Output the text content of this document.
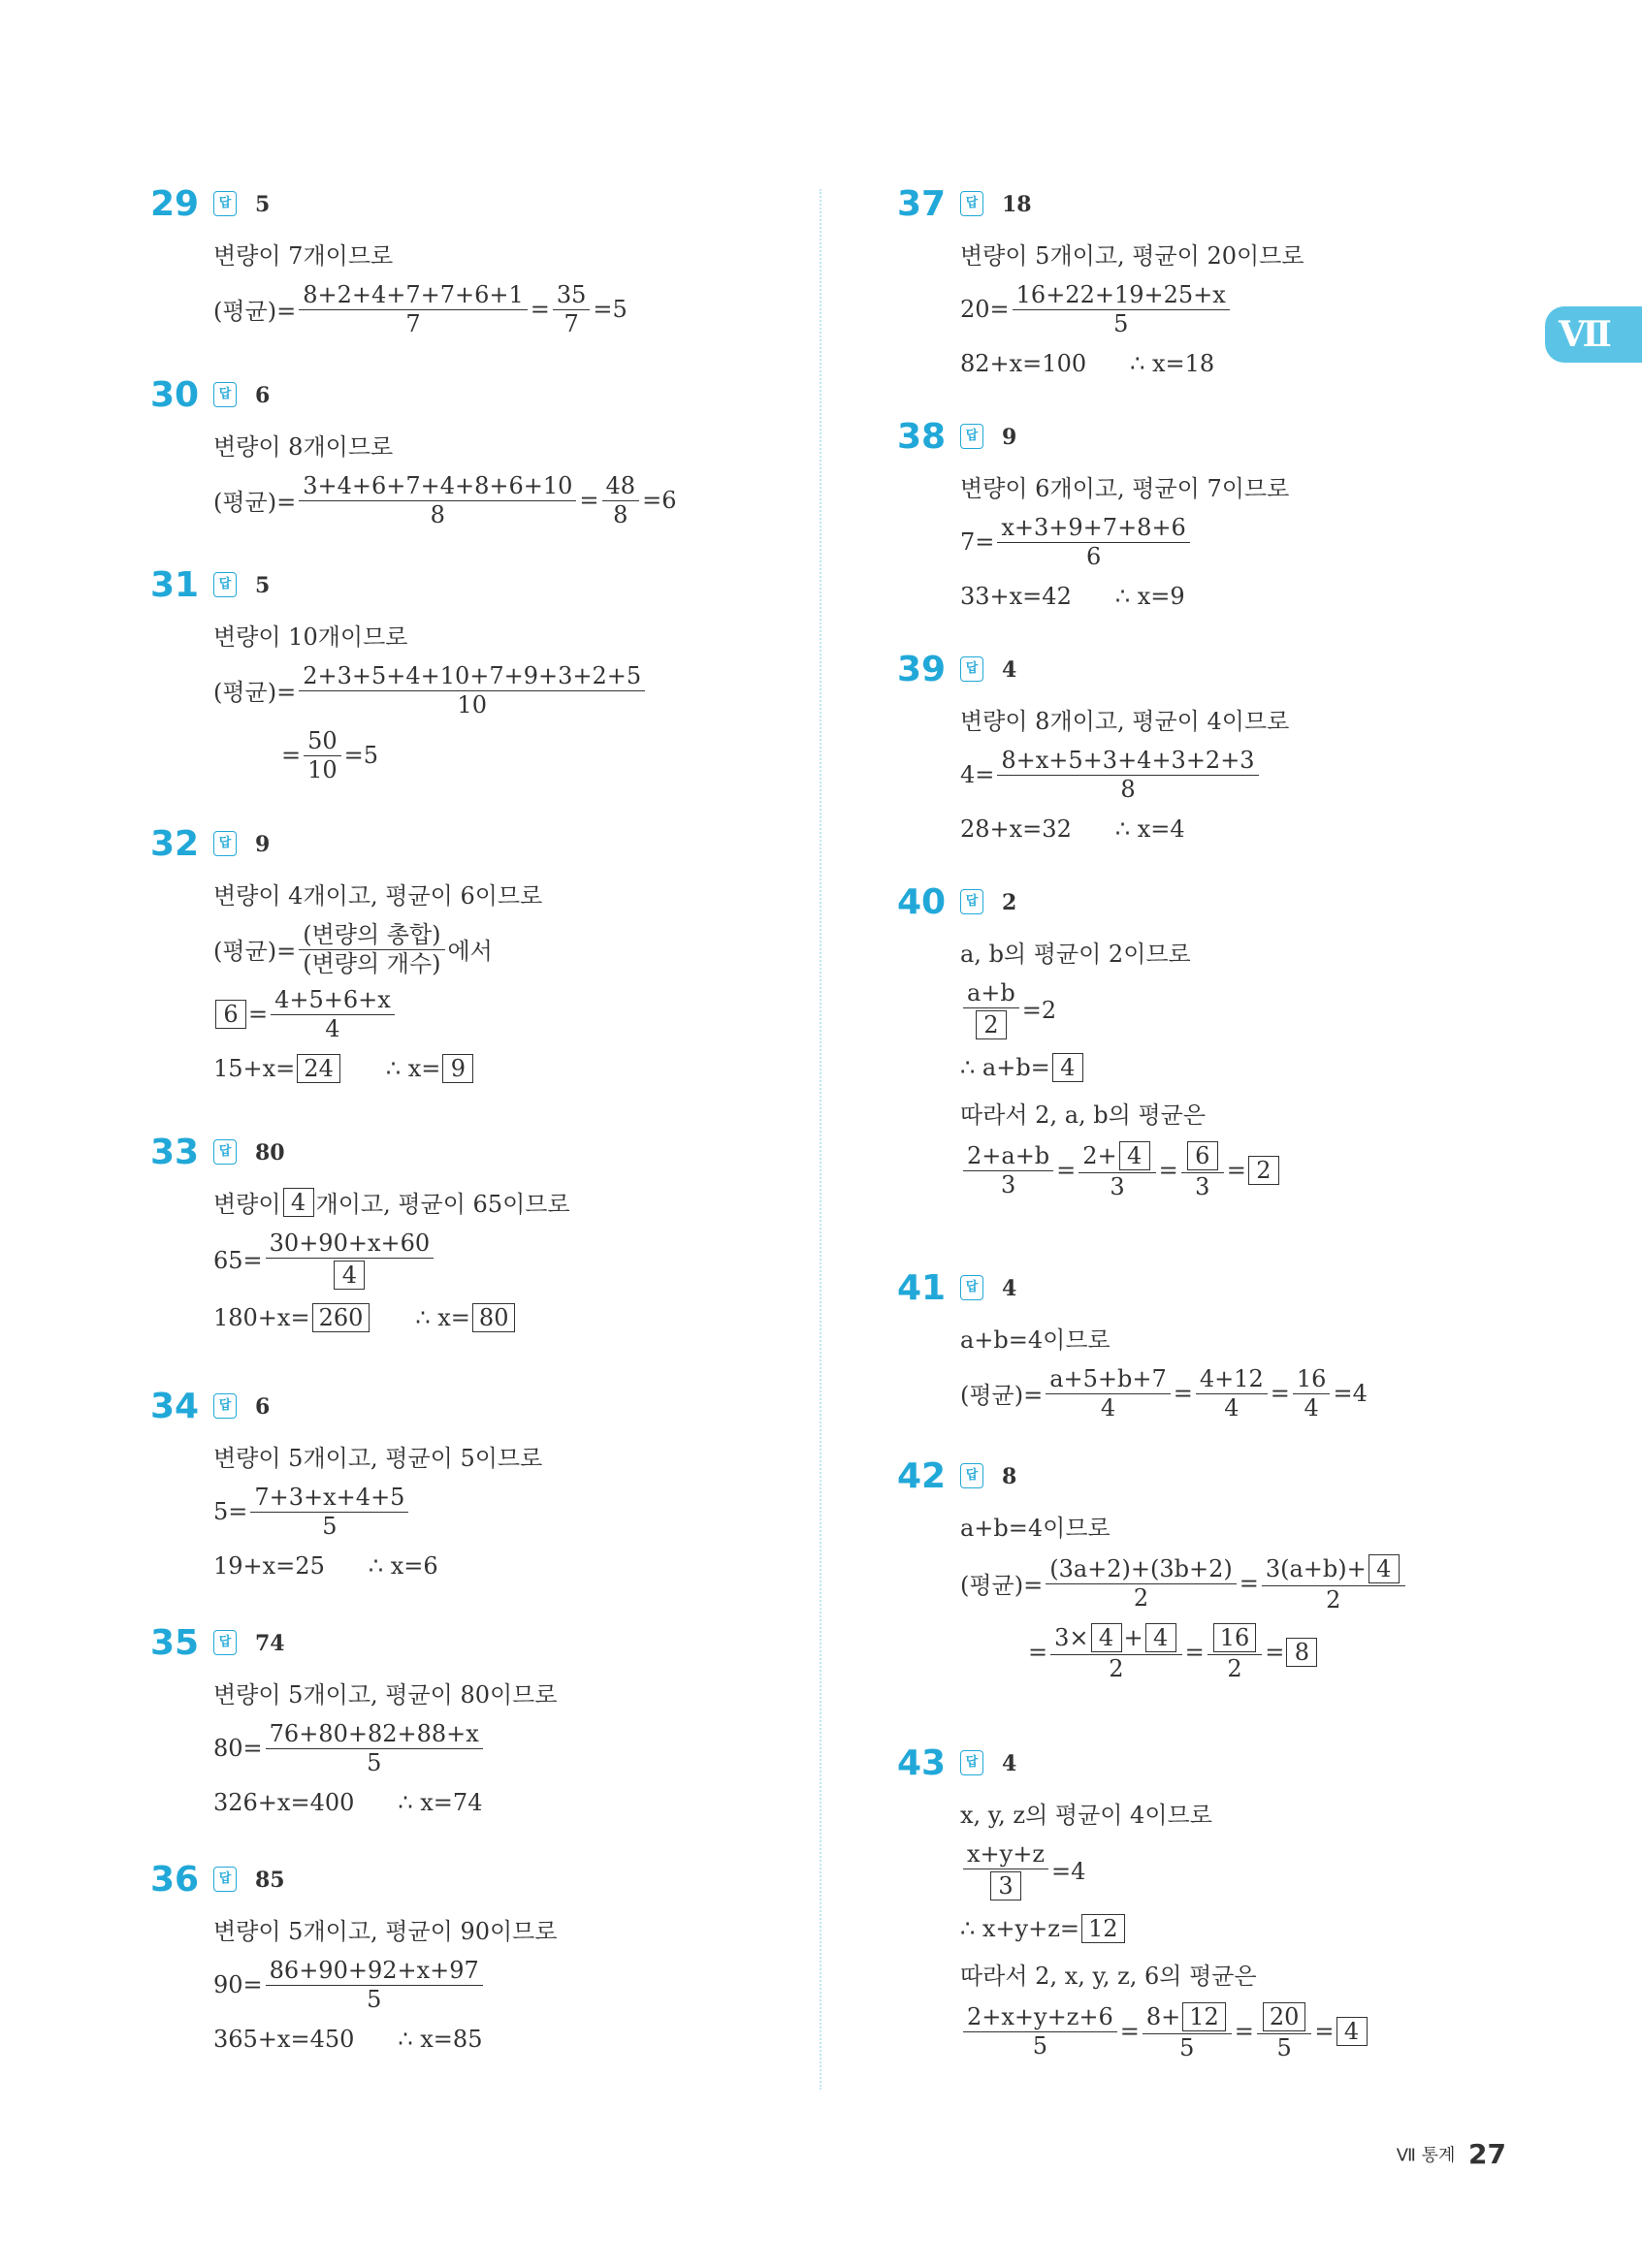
Ⅶ
29	답 5
변량이 7개이므로
(평균)= $\frac{8+2+4+7+7+6+1}{7} = \frac{35}{7} =5$
30	답 6
변량이 8개이므로
(평균)= $\frac{3+4+6+7+4+8+6+10}{8} = \frac{48}{8} =6$
31	답 5
변량이 10개이므로
(평균)= $\frac{2+3+5+4+10+7+9+3+2+5}{10}$
= $\frac{50}{10} =5$
32	답 9
변량이 4개이고, 평균이 6이므로
(평균)=
(변량의 총합)
(변량의 개수) 에서
$6 = \frac{4+5+6+x}{4}$
15+x= 24 ∴ x= 9
33	답 80
변량이 4 개이고, 평균이 65이므로
$65= \frac{30+90+x+60}{4}$
180+x= 260 ∴ x= 80
34	답 6
변량이 5개이고, 평균이 5이므로
$5= \frac{7+3+x+4+5}{5}$
19+x=25 ∴ x=6
35	답 74
변량이 5개이고, 평균이 80이므로
$80= \frac{76+80+82+88+x}{5}$
326+x=400 ∴ x=74
36	답 85
변량이 5개이고, 평균이 90이므로
$90= \frac{86+90+92+x+97}{5}$
365+x=450 ∴ x=85
37	답 18
변량이 5개이고, 평균이 20이므로
$20= \frac{16+22+19+25+x}{5}$
82+x=100 ∴ x=18
38	답 9
변량이 6개이고, 평균이 7이므로
$7= \frac{x+3+9+7+8+6}{6}$
33+x=42 ∴ x=9
39	답 4
변량이 8개이고, 평균이 4이므로
$4= \frac{8+x+5+3+4+3+2+3}{8}$
28+x=32 ∴ x=4
40	답 2
a, b의 평균이 2이므로
$\frac{a+b}{2} =2$
∴ a+b= 4
따라서 2, a, b의 평균은
$\frac{2+a+b}{3} = \frac{2+ 4}{3} = \frac{6}{3} = 2$
41	답 4
a+b=4이므로
(평균)= $\frac{a+5+b+7}{4} = \frac{4+12}{4} = \frac{16}{4} =4$
42	답 8
a+b=4이므로
(평균)= $\frac{(3a+2)+(3b+2)}{2} = \frac{3(a+b)+ 4}{2}$
= $\frac{3\times 4 + 4}{2} = \frac{16}{2} = 8$
43	답 4
x, y, z의 평균이 4이므로
$\frac{x+y+z}{3} =4$
∴ x+y+z= 12
따라서 2, x, y, z, 6의 평균은
$\frac{2+x+y+z+6}{5} = \frac{8+ 12}{5} = \frac{20}{5} = 4$
Ⅶ 통계 27
